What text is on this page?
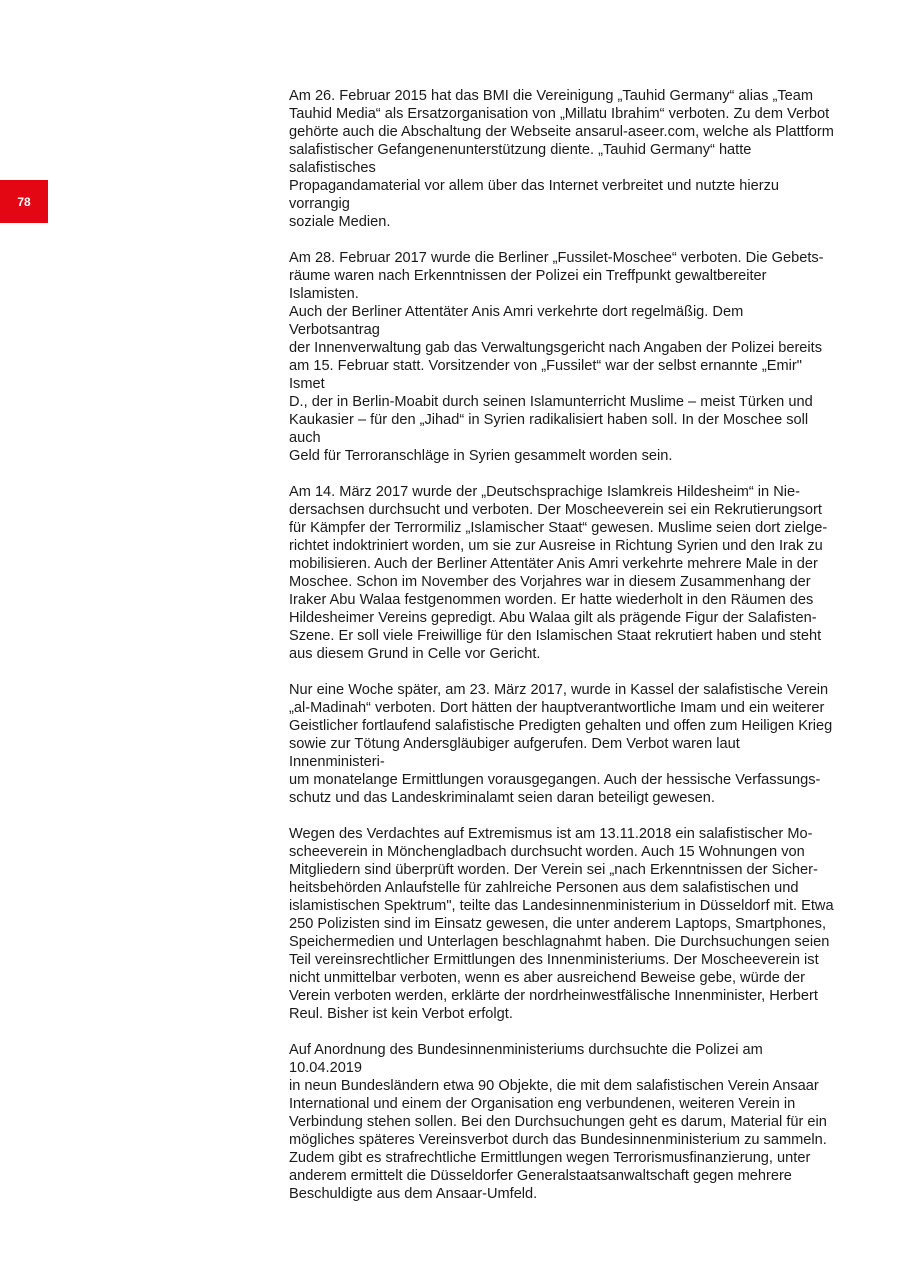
78

Am 26. Februar 2015 hat das BMI die Vereinigung „Tauhid Germany“ alias „Team
Tauhid Media“ als Ersatzorganisation von „Millatu Ibrahim“ verboten. Zu dem Verbot
gehörte auch die Abschaltung der Webseite ansarul-aseer.com, welche als Plattform
salafistischer Gefangenenunterstützung diente. „Tauhid Germany“ hatte salafistisches
Propagandamaterial vor allem über das Internet verbreitet und nutzte hierzu vorrangig
soziale Medien.

Am 28. Februar 2017 wurde die Berliner „Fussilet-Moschee“ verboten. Die Gebets-
räume waren nach Erkenntnissen der Polizei ein Treffpunkt gewaltbereiter Islamisten.
Auch der Berliner Attentäter Anis Amri verkehrte dort regelmäßig. Dem Verbotsantrag
der Innenverwaltung gab das Verwaltungsgericht nach Angaben der Polizei bereits
am 15. Februar statt. Vorsitzender von „Fussilet“ war der selbst ernannte „Emir" Ismet
D., der in Berlin-Moabit durch seinen Islamunterricht Muslime – meist Türken und
Kaukasier – für den „Jihad“ in Syrien radikalisiert haben soll. In der Moschee soll auch
Geld für Terroranschläge in Syrien gesammelt worden sein.

Am 14. März 2017 wurde der „Deutschsprachige Islamkreis Hildesheim“ in Nie-
dersachsen durchsucht und verboten. Der Moscheeverein sei ein Rekrutierungsort
für Kämpfer der Terrormiliz „Islamischer Staat“ gewesen. Muslime seien dort zielge-
richtet indoktriniert worden, um sie zur Ausreise in Richtung Syrien und den Irak zu
mobilisieren. Auch der Berliner Attentäter Anis Amri verkehrte mehrere Male in der
Moschee. Schon im November des Vorjahres war in diesem Zusammenhang der
Iraker Abu Walaa festgenommen worden. Er hatte wiederholt in den Räumen des
Hildesheimer Vereins gepredigt. Abu Walaa gilt als prägende Figur der Salafisten-
Szene. Er soll viele Freiwillige für den Islamischen Staat rekrutiert haben und steht
aus diesem Grund in Celle vor Gericht.

Nur eine Woche später, am 23. März 2017, wurde in Kassel der salafistische Verein
„al-Madinah“ verboten. Dort hätten der hauptverantwortliche Imam und ein weiterer
Geistlicher fortlaufend salafistische Predigten gehalten und offen zum Heiligen Krieg
sowie zur Tötung Andersgläubiger aufgerufen. Dem Verbot waren laut Innenministeri-
um monatelange Ermittlungen vorausgegangen. Auch der hessische Verfassungs-
schutz und das Landeskriminalamt seien daran beteiligt gewesen.

Wegen des Verdachtes auf Extremismus ist am 13.11.2018 ein salafistischer Mo-
scheeverein in Mönchengladbach durchsucht worden. Auch 15 Wohnungen von
Mitgliedern sind überprüft worden. Der Verein sei „nach Erkenntnissen der Sicher-
heitsbehörden Anlaufstelle für zahlreiche Personen aus dem salafistischen und
islamistischen Spektrum", teilte das Landesinnenministerium in Düsseldorf mit. Etwa
250 Polizisten sind im Einsatz gewesen, die unter anderem Laptops, Smartphones,
Speichermedien und Unterlagen beschlagnahmt haben. Die Durchsuchungen seien
Teil vereinsrechtlicher Ermittlungen des Innenministeriums. Der Moscheeverein ist
nicht unmittelbar verboten, wenn es aber ausreichend Beweise gebe, würde der
Verein verboten werden, erklärte der nordrheinwestfälische Innenminister, Herbert
Reul. Bisher ist kein Verbot erfolgt.

Auf Anordnung des Bundesinnenministeriums durchsuchte die Polizei am 10.04.2019
in neun Bundesländern etwa 90 Objekte, die mit dem salafistischen Verein Ansaar
International und einem der Organisation eng verbundenen, weiteren Verein in
Verbindung stehen sollen. Bei den Durchsuchungen geht es darum, Material für ein
mögliches späteres Vereinsverbot durch das Bundesinnenministerium zu sammeln.
Zudem gibt es strafrechtliche Ermittlungen wegen Terrorismusfinanzierung, unter
anderem ermittelt die Düsseldorfer Generalstaatsanwaltschaft gegen mehrere
Beschuldigte aus dem Ansaar-Umfeld.
